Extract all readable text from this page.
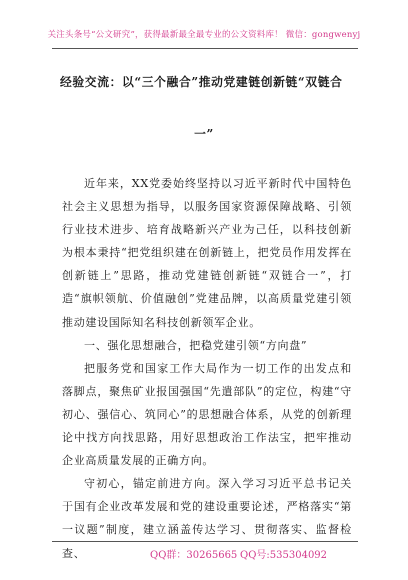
关注头条号“公文研究”，获得最新最全最专业的公文资料库！ 微信：gongwenyj
经验交流：以“三个融合”推动党建链创新链“双链合
一”

近年来，XX党委始终坚持以习近平新时代中国特色社会主义思想为指导，以服务国家资源保障战略、引领行业技术进步、培育战略新兴产业为己任，以科技创新为根本秉持“把党组织建在创新链上，把党员作用发挥在创新链上”思路，推动党建链创新链“双链合一”，打造“旗帜领航、价值融创”党建品牌，以高质量党建引领推动建设国际知名科技创新领军企业。

一、强化思想融合，把稳党建引领“方向盘”

把服务党和国家工作大局作为一切工作的出发点和落脚点，聚焦矿业报国强国“先遣部队”的定位，构建“守初心、强信心、筑同心”的思想融合体系，从党的创新理论中找方向找思路，用好思想政治工作法宝，把牢推动企业高质量发展的正确方向。

守初心，锚定前进方向。深入学习习近平总书记关于国有企业改革发展和党的建设重要论述，严格落实“第一议题”制度，建立涵盖传达学习、贯彻落实、监督检查、	QQ群：30265665 QQ号:535304092
